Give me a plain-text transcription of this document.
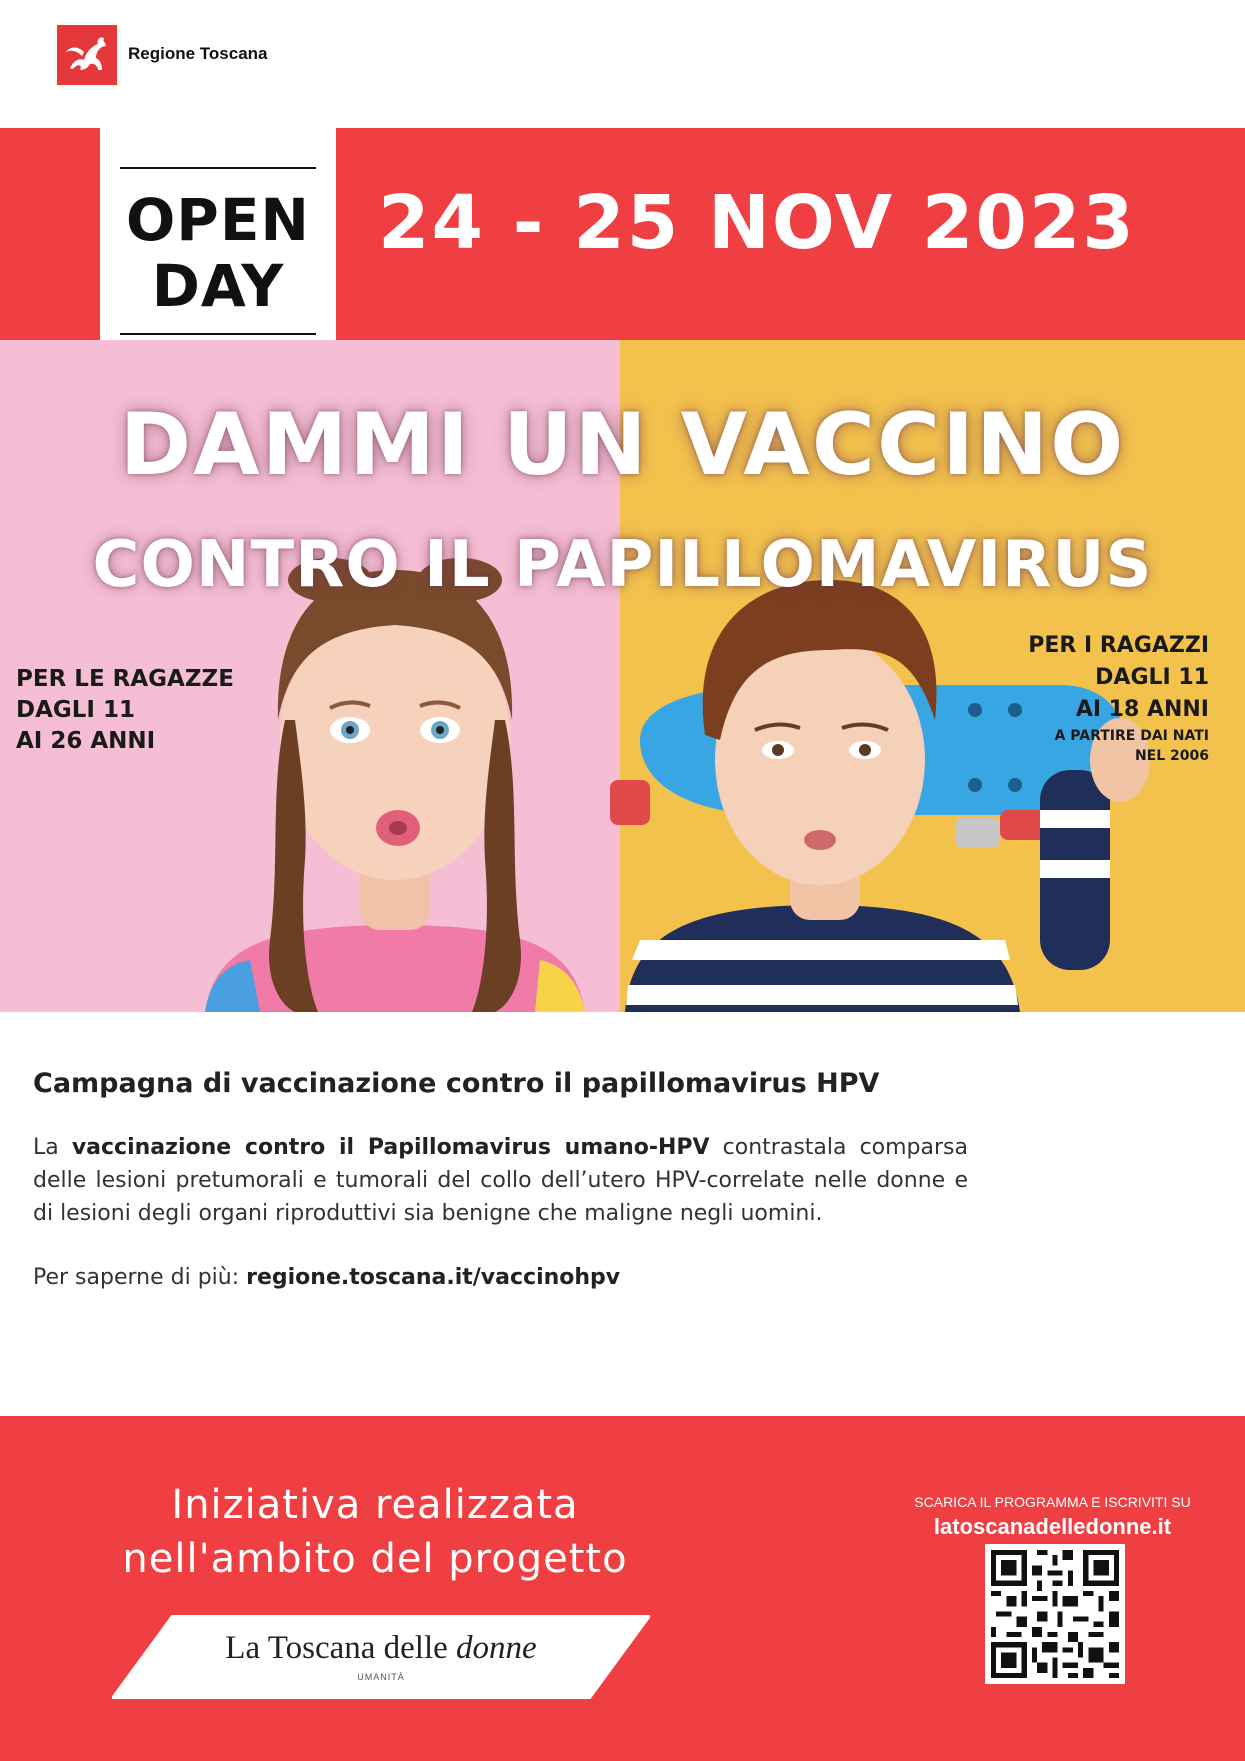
Regione Toscana
OPEN
DAY
24 - 25 NOV 2023
DAMMI UN VACCINO
CONTRO IL PAPILLOMAVIRUS
PER LE RAGAZZE
DAGLI 11
AI 26 ANNI
PER I RAGAZZI
DAGLI 11
AI 18 ANNI
A PARTIRE DAI NATI
NEL 2006
Campagna di vaccinazione contro il papillomavirus HPV
La vaccinazione contro il Papillomavirus umano-HPV contrastala comparsa delle lesioni pretumorali e tumorali del collo dell’utero HPV-correlate nelle donne e di lesioni degli organi riproduttivi sia benigne che maligne negli uomini.
Per saperne di più: regione.toscana.it/vaccinohpv
Iniziativa realizzata
nell'ambito del progetto
La Toscana delle donne
UMANITÀ
SCARICA IL PROGRAMMA E ISCRIVITI SU
latoscanadelledonne.it
